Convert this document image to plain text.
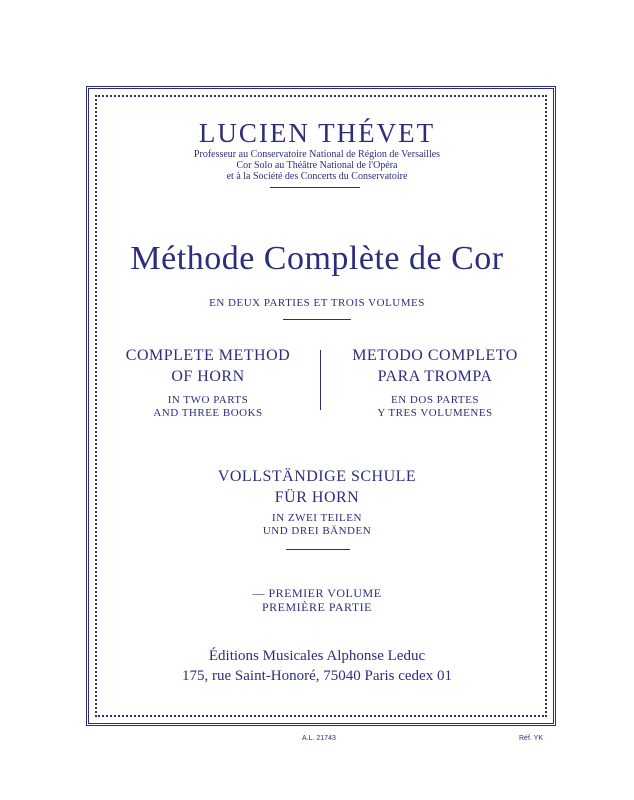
LUCIEN THÉVET
Professeur au Conservatoire National de Région de Versailles
Cor Solo au Théâtre National de l'Opéra
et à la Société des Concerts du Conservatoire
Méthode Complète de Cor
EN DEUX PARTIES ET TROIS VOLUMES
COMPLETE METHOD
OF HORN
IN TWO PARTS
AND THREE BOOKS
METODO COMPLETO
PARA TROMPA
EN DOS PARTES
Y TRES VOLUMENES
VOLLSTÄNDIGE SCHULE
FÜR HORN
IN ZWEI TEILEN
UND DREI BÄNDEN
— PREMIER VOLUME
PREMIÈRE PARTIE
Éditions Musicales Alphonse Leduc
175, rue Saint-Honoré, 75040 Paris cedex 01
A.L. 21743	Réf. YK
